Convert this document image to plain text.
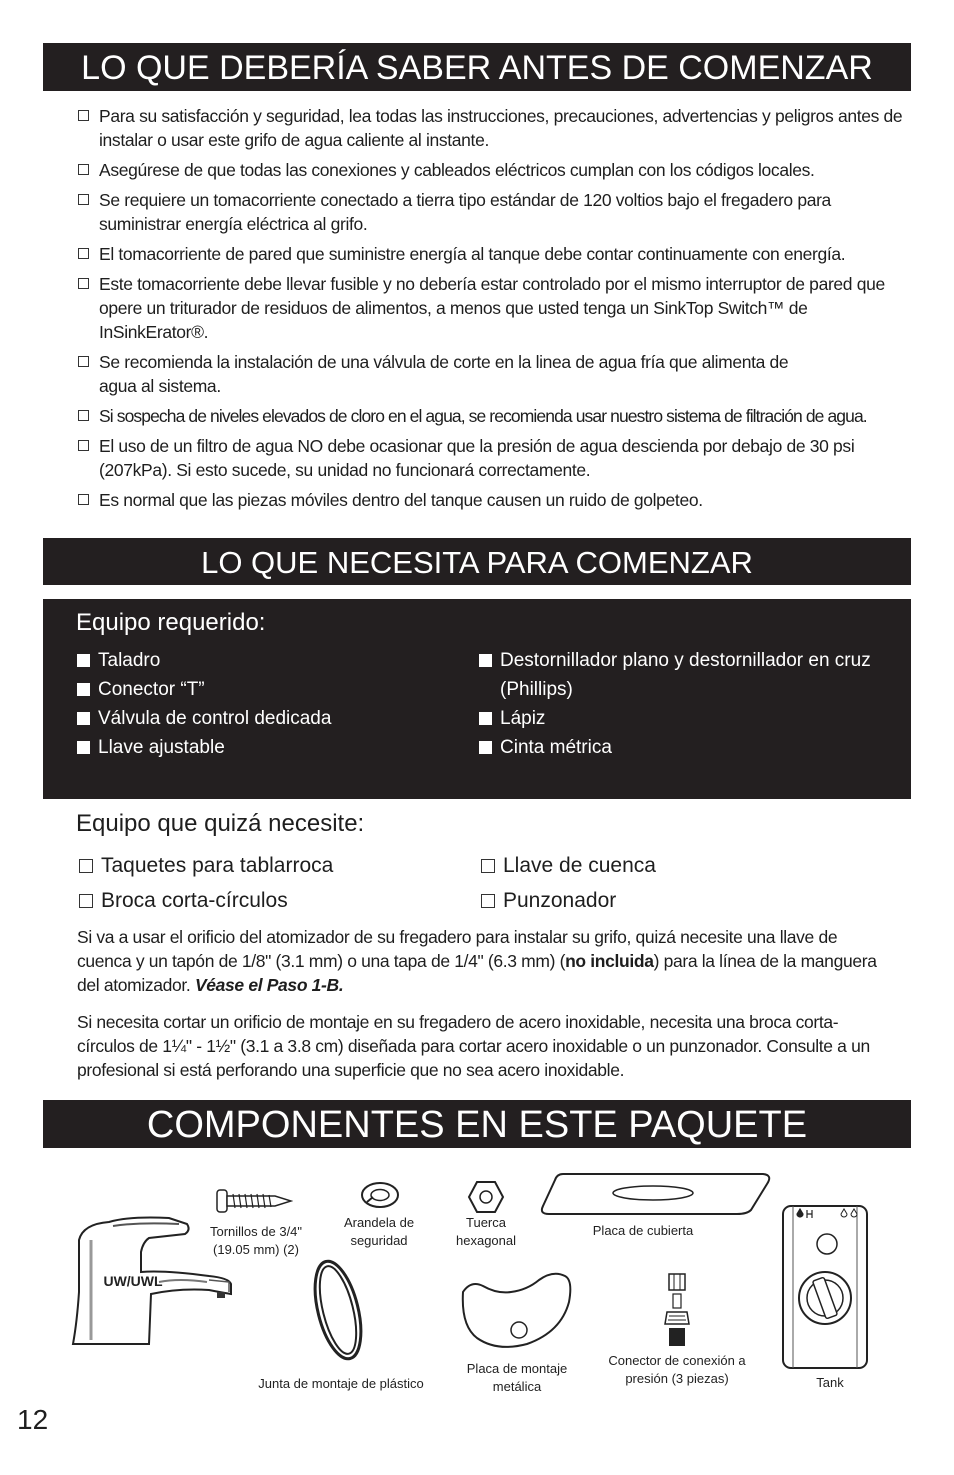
LO QUE DEBERÍA SABER ANTES DE COMENZAR
Para su satisfacción y seguridad, lea todas las instrucciones, precauciones, advertencias y peligros antes de instalar o usar este grifo de agua caliente al instante.
Asegúrese de que todas las conexiones y cableados eléctricos cumplan con los códigos locales.
Se requiere un tomacorriente conectado a tierra tipo estándar de 120 voltios bajo el fregadero para suministrar energía eléctrica al grifo.
El tomacorriente de pared que suministre energía al tanque debe contar continuamente con energía.
Este tomacorriente debe llevar fusible y no debería estar controlado por el mismo interruptor de pared que opere un triturador de residuos de alimentos, a menos que usted tenga un SinkTop Switch™ de InSinkErator®.
Se recomienda la instalación de una válvula de corte en la linea de agua fría que alimenta de agua al sistema.
Si sospecha de niveles elevados de cloro en el agua, se recomienda usar nuestro sistema de filtración de agua.
El uso de un filtro de agua NO debe ocasionar que la presión de agua descienda por debajo de 30 psi (207kPa). Si esto sucede, su unidad no funcionará correctamente.
Es normal que las piezas móviles dentro del tanque causen un ruido de golpeteo.
LO QUE NECESITA PARA COMENZAR
Equipo requerido:
Taladro
Conector “T”
Válvula de control dedicada
Llave ajustable
Destornillador plano y destornillador en cruz (Phillips)
Lápiz
Cinta métrica
Equipo que quizá necesite:
Taquetes para tablarroca
Broca corta-círculos
Llave de cuenca
Punzonador

Si va a usar el orificio del atomizador de su fregadero para instalar su grifo, quizá necesite una llave de cuenca y un tapón de 1/8" (3.1 mm) o una tapa de 1/4" (6.3 mm) (no incluida) para la línea de la manguera del atomizador. Véase el Paso 1-B.

Si necesita cortar un orificio de montaje en su fregadero de acero inoxidable, necesita una broca corta-círculos de 1¼" - 1½" (3.1 a 3.8 cm) diseñada para cortar acero inoxidable o un punzonador. Consulte a un profesional si está perforando una superficie que no sea acero inoxidable.

COMPONENTES EN ESTE PAQUETE
UW/UWL
Tornillos de 3/4" (19.05 mm) (2)
Arandela de seguridad
Tuerca hexagonal
Placa de cubierta
Tank
Junta de montaje de plástico
Placa de montaje metálica
Conector de conexión a presión (3 piezas)
12
